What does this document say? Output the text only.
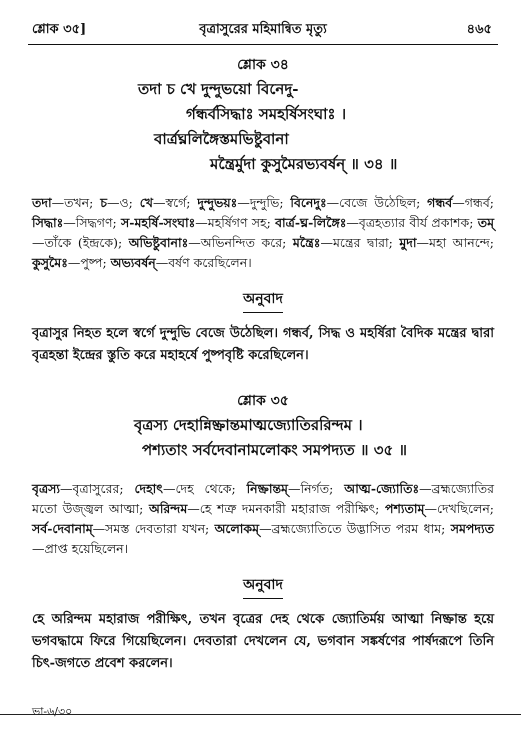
শ্লোক ৩৫]	বৃত্রাসুরের মহিমান্বিত মৃত্যু	৪৬৫
শ্লোক ৩৪
তদা চ খে দুন্দুভয়ো বিনেদু-
র্গন্ধর্বসিদ্ধাঃ সমহর্ষিসংঘাঃ ।
বার্ত্রঘ্নলিঙ্গৈস্তমভিষ্টুবানা
মন্ত্রৈর্মুদা কুসুমৈরভ্যবর্ষন্ ॥ ৩৪ ॥
তদা—তখন; চ—ও; খে—স্বর্গে; দুন্দুভয়ঃ—দুন্দুভি; বিনেদুঃ—বেজে উঠেছিল; গন্ধর্ব—গন্ধর্ব; সিদ্ধাঃ—সিদ্ধগণ; স-মহর্ষি-সংঘাঃ—মহর্ষিগণ সহ; বার্ত্র-ঘ্ন-লিঙ্গৈঃ—বৃত্রহত্যার বীর্য প্রকাশক; তম্—তাঁকে (ইন্দ্রকে); অভিষ্টুবানাঃ—অভিনন্দিত করে; মন্ত্রৈঃ—মন্ত্রের দ্বারা; মুদা—মহা আনন্দে; কুসুমৈঃ—পুষ্প; অভ্যবর্ষন্—বর্ষণ করেছিলেন।
অনুবাদ
বৃত্রাসুর নিহত হলে স্বর্গে দুন্দুভি বেজে উঠেছিল। গন্ধর্ব, সিদ্ধ ও মহর্ষিরা বৈদিক মন্ত্রের দ্বারা বৃত্রহন্তা ইন্দ্রের স্তুতি করে মহাহর্ষে পুষ্পবৃষ্টি করেছিলেন।
শ্লোক ৩৫
বৃত্রস্য দেহান্নিষ্ক্রান্তমাত্মজ্যোতিররিন্দম ।
পশ্যতাং সর্বদেবানামলোকং সমপদ্যত ॥ ৩৫ ॥
বৃত্রস্য—বৃত্রাসুরের; দেহাৎ—দেহ থেকে; নিষ্ক্রান্তম্—নির্গত; আত্ম-জ্যোতিঃ—ব্রহ্মজ্যোতির মতো উজ্জ্বল আত্মা; অরিন্দম—হে শত্রু দমনকারী মহারাজ পরীক্ষিৎ; পশ্যতাম্—দেখছিলেন; সর্ব-দেবানাম্—সমস্ত দেবতারা যখন; অলোকম্—ব্রহ্মজ্যোতিতে উদ্ভাসিত পরম ধাম; সমপদ্যত—প্রাপ্ত হয়েছিলেন।
অনুবাদ
হে অরিন্দম মহারাজ পরীক্ষিৎ, তখন বৃত্রের দেহ থেকে জ্যোতির্ময় আত্মা নিষ্ক্রান্ত হয়ে ভগবদ্ধামে ফিরে গিয়েছিলেন। দেবতারা দেখলেন যে, ভগবান সঙ্কর্ষণের পার্ষদরূপে তিনি চিৎ-জগতে প্রবেশ করলেন।
ভা-৬/৩০
